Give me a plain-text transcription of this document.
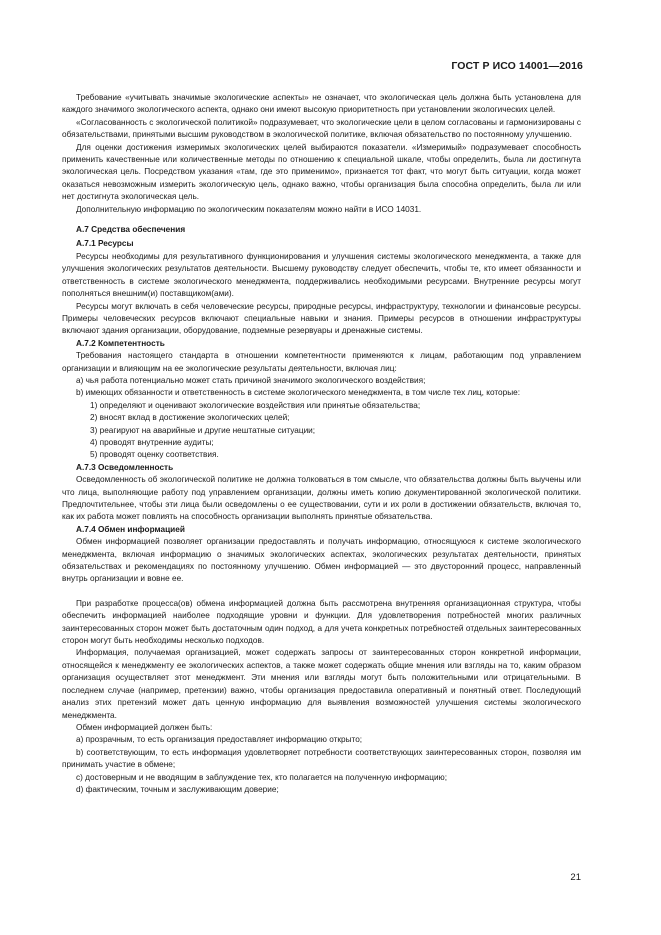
ГОСТ Р ИСО 14001—2016

Требование «учитывать значимые экологические аспекты» не означает, что экологическая цель должна быть установлена для каждого значимого экологического аспекта, однако они имеют высокую приоритетность при установлении экологических целей.

«Согласованность с экологической политикой» подразумевает, что экологические цели в целом согласованы и гармонизированы с обязательствами, принятыми высшим руководством в экологической политике, включая обязательство по постоянному улучшению.

Для оценки достижения измеримых экологических целей выбираются показатели. «Измеримый» подразумевает способность применить качественные или количественные методы по отношению к специальной шкале, чтобы определить, была ли достигнута экологическая цель. Посредством указания «там, где это применимо», признается тот факт, что могут быть ситуации, когда может оказаться невозможным измерить экологическую цель, однако важно, чтобы организация была способна определить, была ли или нет достигнута экологическая цель.

Дополнительную информацию по экологическим показателям можно найти в ИСО 14031.

А.7 Средства обеспечения
А.7.1 Ресурсы

Ресурсы необходимы для результативного функционирования и улучшения системы экологического менеджмента, а также для улучшения экологических результатов деятельности. Высшему руководству следует обеспечить, чтобы те, кто имеет обязанности и ответственность в системе экологического менеджмента, поддерживались необходимыми ресурсами. Внутренние ресурсы могут пополняться внешним(и) поставщиком(ами).

Ресурсы могут включать в себя человеческие ресурсы, природные ресурсы, инфраструктуру, технологии и финансовые ресурсы. Примеры человеческих ресурсов включают специальные навыки и знания. Примеры ресурсов в отношении инфраструктуры включают здания организации, оборудование, подземные резервуары и дренажные системы.

А.7.2 Компетентность

Требования настоящего стандарта в отношении компетентности применяются к лицам, работающим под управлением организации и влияющим на ее экологические результаты деятельности, включая лиц:

a) чья работа потенциально может стать причиной значимого экологического воздействия;

b) имеющих обязанности и ответственность в системе экологического менеджмента, в том числе тех лиц, которые:

1) определяют и оценивают экологические воздействия или принятые обязательства;
2) вносят вклад в достижение экологических целей;
3) реагируют на аварийные и другие нештатные ситуации;
4) проводят внутренние аудиты;
5) проводят оценку соответствия.
А.7.3 Осведомленность

Осведомленность об экологической политике не должна толковаться в том смысле, что обязательства должны быть выучены или что лица, выполняющие работу под управлением организации, должны иметь копию документированной экологической политики. Предпочтительнее, чтобы эти лица были осведомлены о ее существовании, сути и их роли в достижении обязательств, включая то, как их работа может повлиять на способность организации выполнять принятые обязательства.

А.7.4 Обмен информацией

Обмен информацией позволяет организации предоставлять и получать информацию, относящуюся к системе экологического менеджмента, включая информацию о значимых экологических аспектах, экологических результатах деятельности, принятых обязательствах и рекомендациях по постоянному улучшению. Обмен информацией — это двусторонний процесс, направленный внутрь организации и вовне ее.

При разработке процесса(ов) обмена информацией должна быть рассмотрена внутренняя организационная структура, чтобы обеспечить информацией наиболее подходящие уровни и функции. Для удовлетворения потребностей многих различных заинтересованных сторон может быть достаточным один подход, а для учета конкретных потребностей отдельных заинтересованных сторон могут быть необходимы несколько подходов.

Информация, получаемая организацией, может содержать запросы от заинтересованных сторон конкретной информации, относящейся к менеджменту ее экологических аспектов, а также может содержать общие мнения или взгляды на то, каким образом организация осуществляет этот менеджмент. Эти мнения или взгляды могут быть положительными или отрицательными. В последнем случае (например, претензии) важно, чтобы организация предоставила оперативный и понятный ответ. Последующий анализ этих претензий может дать ценную информацию для выявления возможностей улучшения системы экологического менеджмента.

Обмен информацией должен быть:

a) прозрачным, то есть организация предоставляет информацию открыто;

b) соответствующим, то есть информация удовлетворяет потребности соответствующих заинтересованных сторон, позволяя им принимать участие в обмене;

c) достоверным и не вводящим в заблуждение тех, кто полагается на полученную информацию;

d) фактическим, точным и заслуживающим доверие;

21
